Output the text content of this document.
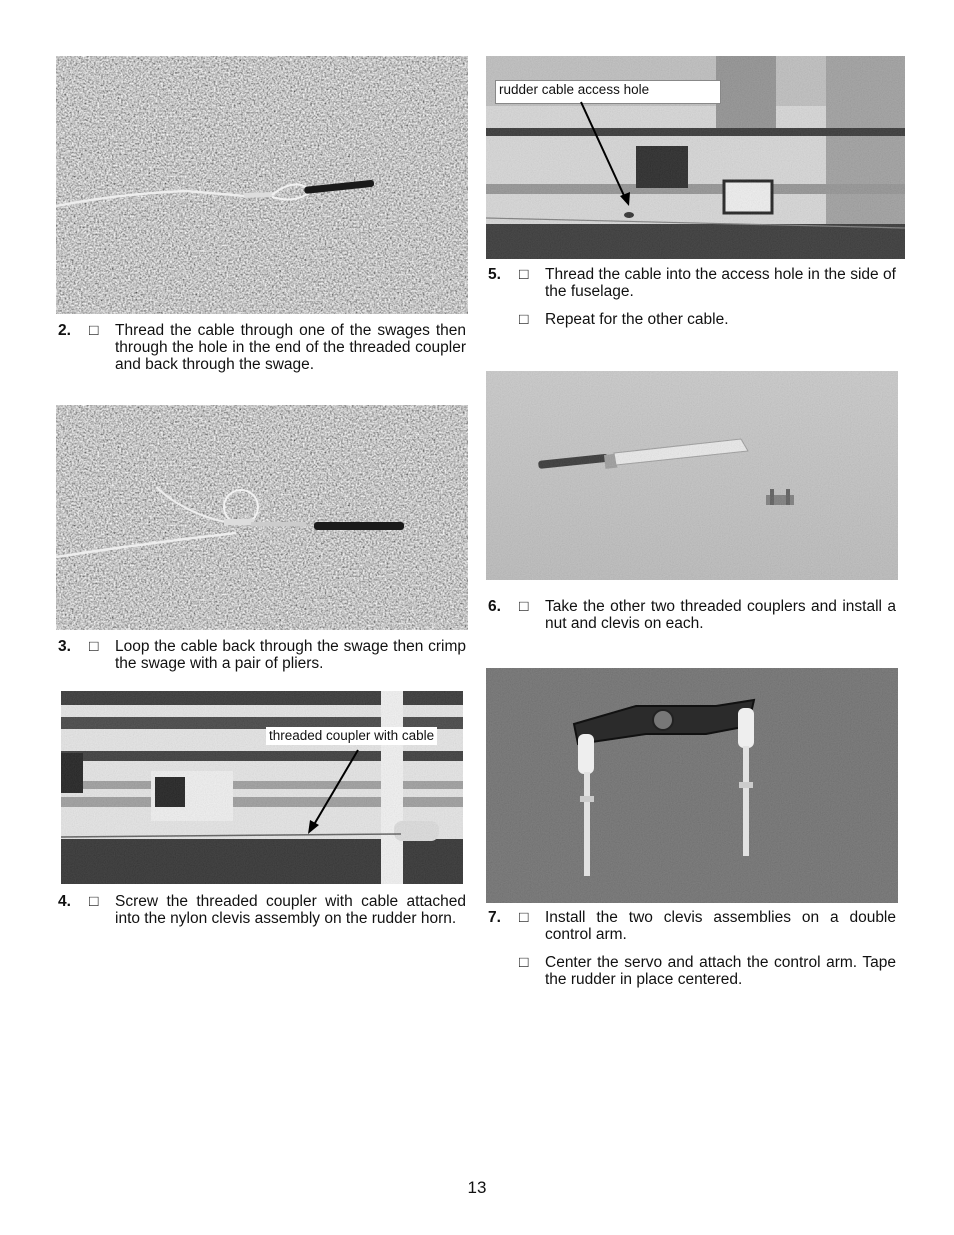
2. □ Thread the cable through one of the swages then through the hole in the end of the threaded coupler and back through the swage.
3. □ Loop the cable back through the swage then crimp the swage with a pair of pliers.
threaded coupler with cable
4. □ Screw the threaded coupler with cable attached into the nylon clevis assembly on the rudder horn.
rudder cable access hole
5. □ Thread the cable into the access hole in the side of the fuselage.
□ Repeat for the other cable.
6. □ Take the other two threaded couplers and install a nut and clevis on each.
7. □ Install the two clevis assemblies on a double control arm.
□ Center the servo and attach the control arm. Tape the rudder in place centered.
13
